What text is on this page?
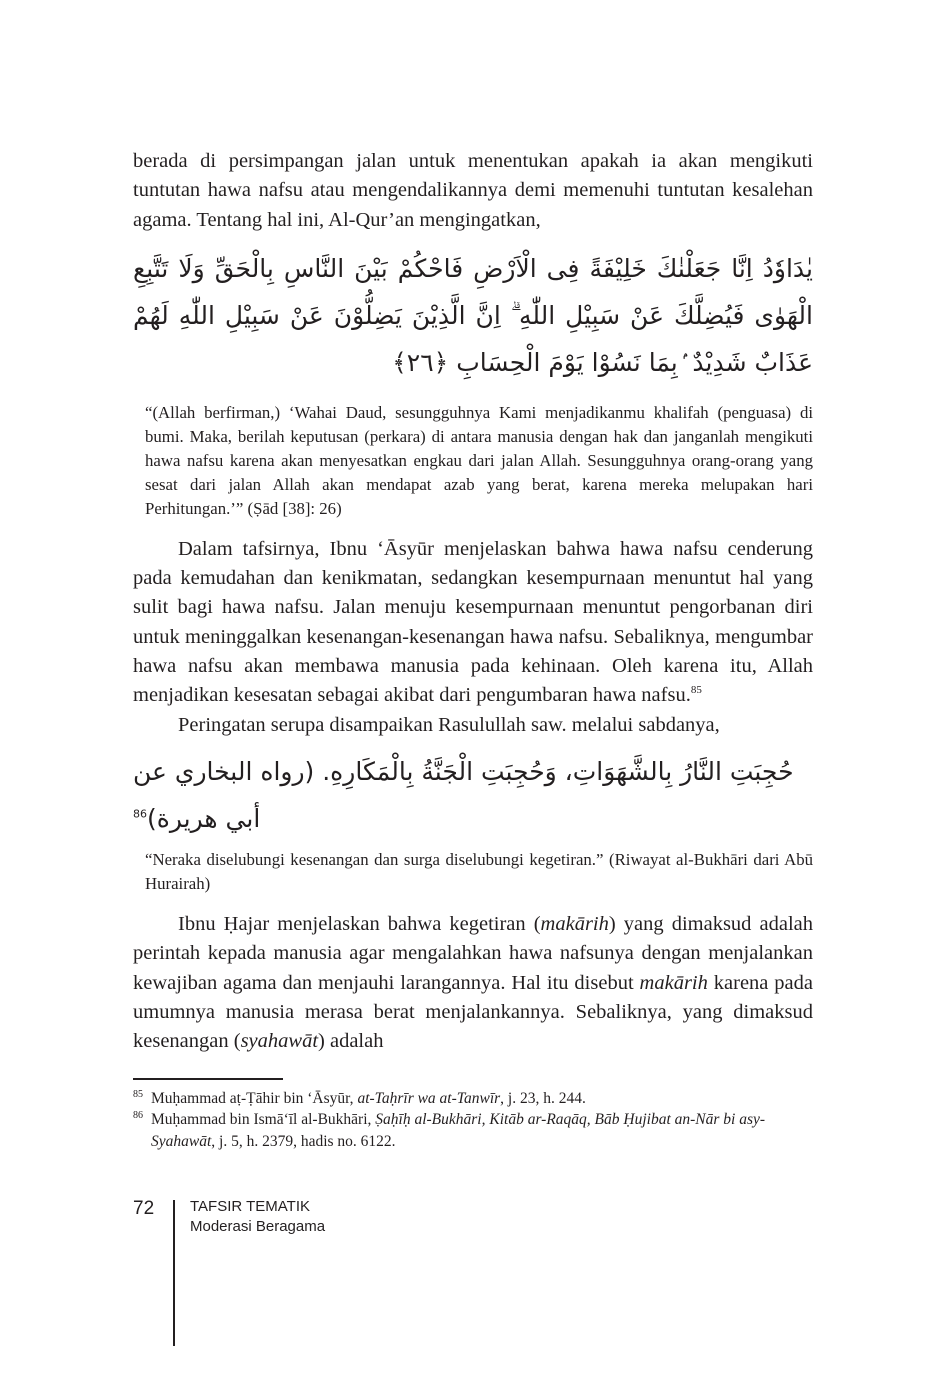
berada di persimpangan jalan untuk menentukan apakah ia akan mengikuti tuntutan hawa nafsu atau mengendalikannya demi memenuhi tuntutan kesalehan agama. Tentang hal ini, Al-Qur’an mengingatkan,

يٰدَاوٗدُ اِنَّا جَعَلْنٰكَ خَلِيْفَةً فِى الْاَرْضِ فَاحْكُمْ بَيْنَ النَّاسِ بِالْحَقِّ وَلَا تَتَّبِعِ الْهَوٰى فَيُضِلَّكَ عَنْ سَبِيْلِ اللّٰهِ ۗ اِنَّ الَّذِيْنَ يَضِلُّوْنَ عَنْ سَبِيْلِ اللّٰهِ لَهُمْ عَذَابٌ شَدِيْدٌ ۢبِمَا نَسُوْا يَوْمَ الْحِسَابِ ﴿٢٦﴾

“(Allah berfirman,) ‘Wahai Daud, sesungguhnya Kami menjadikanmu khalifah (penguasa) di bumi. Maka, berilah keputusan (perkara) di antara manusia dengan hak dan janganlah mengikuti hawa nafsu karena akan menyesatkan engkau dari jalan Allah. Sesungguhnya orang-orang yang sesat dari jalan Allah akan mendapat azab yang berat, karena mereka melupakan hari Perhitungan.’” (Ṣād [38]: 26)

Dalam tafsirnya, Ibnu ‘Āsyūr menjelaskan bahwa hawa nafsu cenderung pada kemudahan dan kenikmatan, sedangkan kesempurnaan menuntut hal yang sulit bagi hawa nafsu. Jalan menuju kesempurnaan menuntut pengorbanan diri untuk meninggalkan kesenangan-kesenangan hawa nafsu. Sebaliknya, mengumbar hawa nafsu akan membawa manusia pada kehinaan. Oleh karena itu, Allah menjadikan kesesatan sebagai akibat dari pengumbaran hawa nafsu.$^{85}$

Peringatan serupa disampaikan Rasulullah saw. melalui sabdanya,

حُجِبَتِ النَّارُ بِالشَّهَوَاتِ، وَحُجِبَتِ الْجَنَّةُ بِالْمَكَارِهِ. (رواه البخاري عن أبي هريرة)$^{86}$

“Neraka diselubungi kesenangan dan surga diselubungi kegetiran.” (Riwayat al-Bukhāri dari Abū Hurairah)

Ibnu Ḥajar menjelaskan bahwa kegetiran (makārih) yang dimaksud adalah perintah kepada manusia agar mengalahkan hawa nafsunya dengan menjalankan kewajiban agama dan menjauhi larangannya. Hal itu disebut makārih karena pada umumnya manusia merasa berat menjalankannya. Sebaliknya, yang dimaksud kesenangan (syahawāt) adalah

85 Muḥammad aṭ-Ṭāhir bin ‘Āsyūr, at-Taḥrīr wa at-Tanwīr, j. 23, h. 244.

86 Muḥammad bin Ismā‘īl al-Bukhāri, Ṣaḥīḥ al-Bukhāri, Kitāb ar-Raqāq, Bāb Ḥujibat an-Nār bi asy-Syahawāt, j. 5, h. 2379, hadis no. 6122.

72 TAFSIR TEMATIK
Moderasi Beragama
